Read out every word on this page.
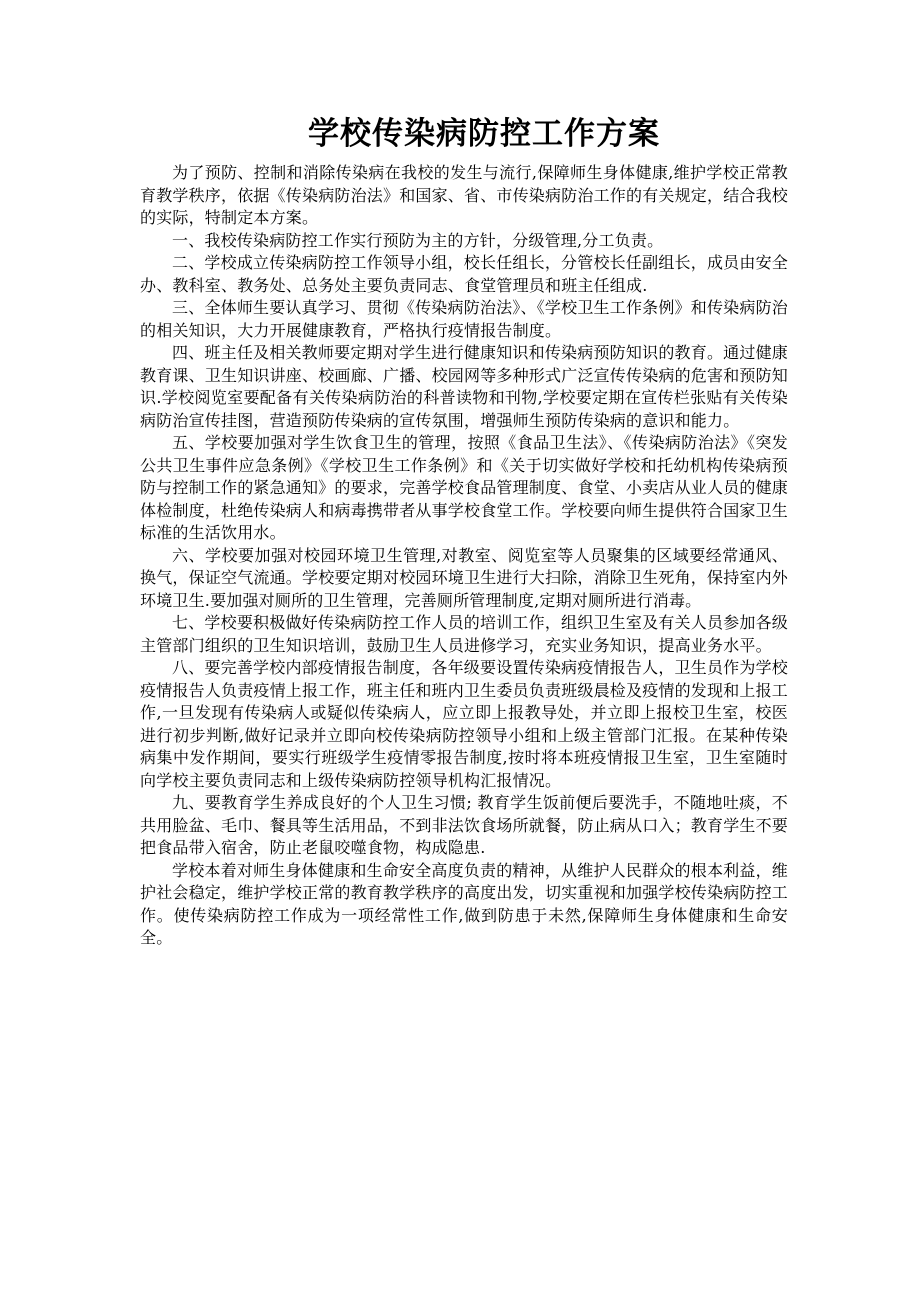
学校传染病防控工作方案

为了预防、控制和消除传染病在我校的发生与流行,保障师生身体健康,维护学校正常教育教学秩序，依据《传染病防治法》和国家、省、市传染病防治工作的有关规定，结合我校的实际，特制定本方案。

一、我校传染病防控工作实行预防为主的方针，分级管理,分工负责。

二、学校成立传染病防控工作领导小组，校长任组长，分管校长任副组长，成员由安全办、教科室、教务处、总务处主要负责同志、食堂管理员和班主任组成.

三、全体师生要认真学习、贯彻《传染病防治法》、《学校卫生工作条例》和传染病防治的相关知识，大力开展健康教育，严格执行疫情报告制度。

四、班主任及相关教师要定期对学生进行健康知识和传染病预防知识的教育。通过健康教育课、卫生知识讲座、校画廊、广播、校园网等多种形式广泛宣传传染病的危害和预防知识.学校阅览室要配备有关传染病防治的科普读物和刊物,学校要定期在宣传栏张贴有关传染病防治宣传挂图，营造预防传染病的宣传氛围，增强师生预防传染病的意识和能力。

五、学校要加强对学生饮食卫生的管理，按照《食品卫生法》、《传染病防治法》《突发公共卫生事件应急条例》《学校卫生工作条例》和《关于切实做好学校和托幼机构传染病预防与控制工作的紧急通知》的要求，完善学校食品管理制度、食堂、小卖店从业人员的健康体检制度，杜绝传染病人和病毒携带者从事学校食堂工作。学校要向师生提供符合国家卫生标准的生活饮用水。

六、学校要加强对校园环境卫生管理,对教室、阅览室等人员聚集的区域要经常通风、换气，保证空气流通。学校要定期对校园环境卫生进行大扫除，消除卫生死角，保持室内外环境卫生.要加强对厕所的卫生管理，完善厕所管理制度,定期对厕所进行消毒。

七、学校要积极做好传染病防控工作人员的培训工作，组织卫生室及有关人员参加各级主管部门组织的卫生知识培训，鼓励卫生人员进修学习，充实业务知识，提高业务水平。

八、要完善学校内部疫情报告制度，各年级要设置传染病疫情报告人，卫生员作为学校疫情报告人负责疫情上报工作，班主任和班内卫生委员负责班级晨检及疫情的发现和上报工作,一旦发现有传染病人或疑似传染病人，应立即上报教导处，并立即上报校卫生室，校医进行初步判断,做好记录并立即向校传染病防控领导小组和上级主管部门汇报。在某种传染病集中发作期间，要实行班级学生疫情零报告制度,按时将本班疫情报卫生室，卫生室随时向学校主要负责同志和上级传染病防控领导机构汇报情况。

九、要教育学生养成良好的个人卫生习惯; 教育学生饭前便后要洗手，不随地吐痰，不共用脸盆、毛巾、餐具等生活用品，不到非法饮食场所就餐，防止病从口入；教育学生不要把食品带入宿舍，防止老鼠咬噬食物，构成隐患.

学校本着对师生身体健康和生命安全高度负责的精神，从维护人民群众的根本利益，维护社会稳定，维护学校正常的教育教学秩序的高度出发，切实重视和加强学校传染病防控工作。使传染病防控工作成为一项经常性工作,做到防患于未然,保障师生身体健康和生命安全。
